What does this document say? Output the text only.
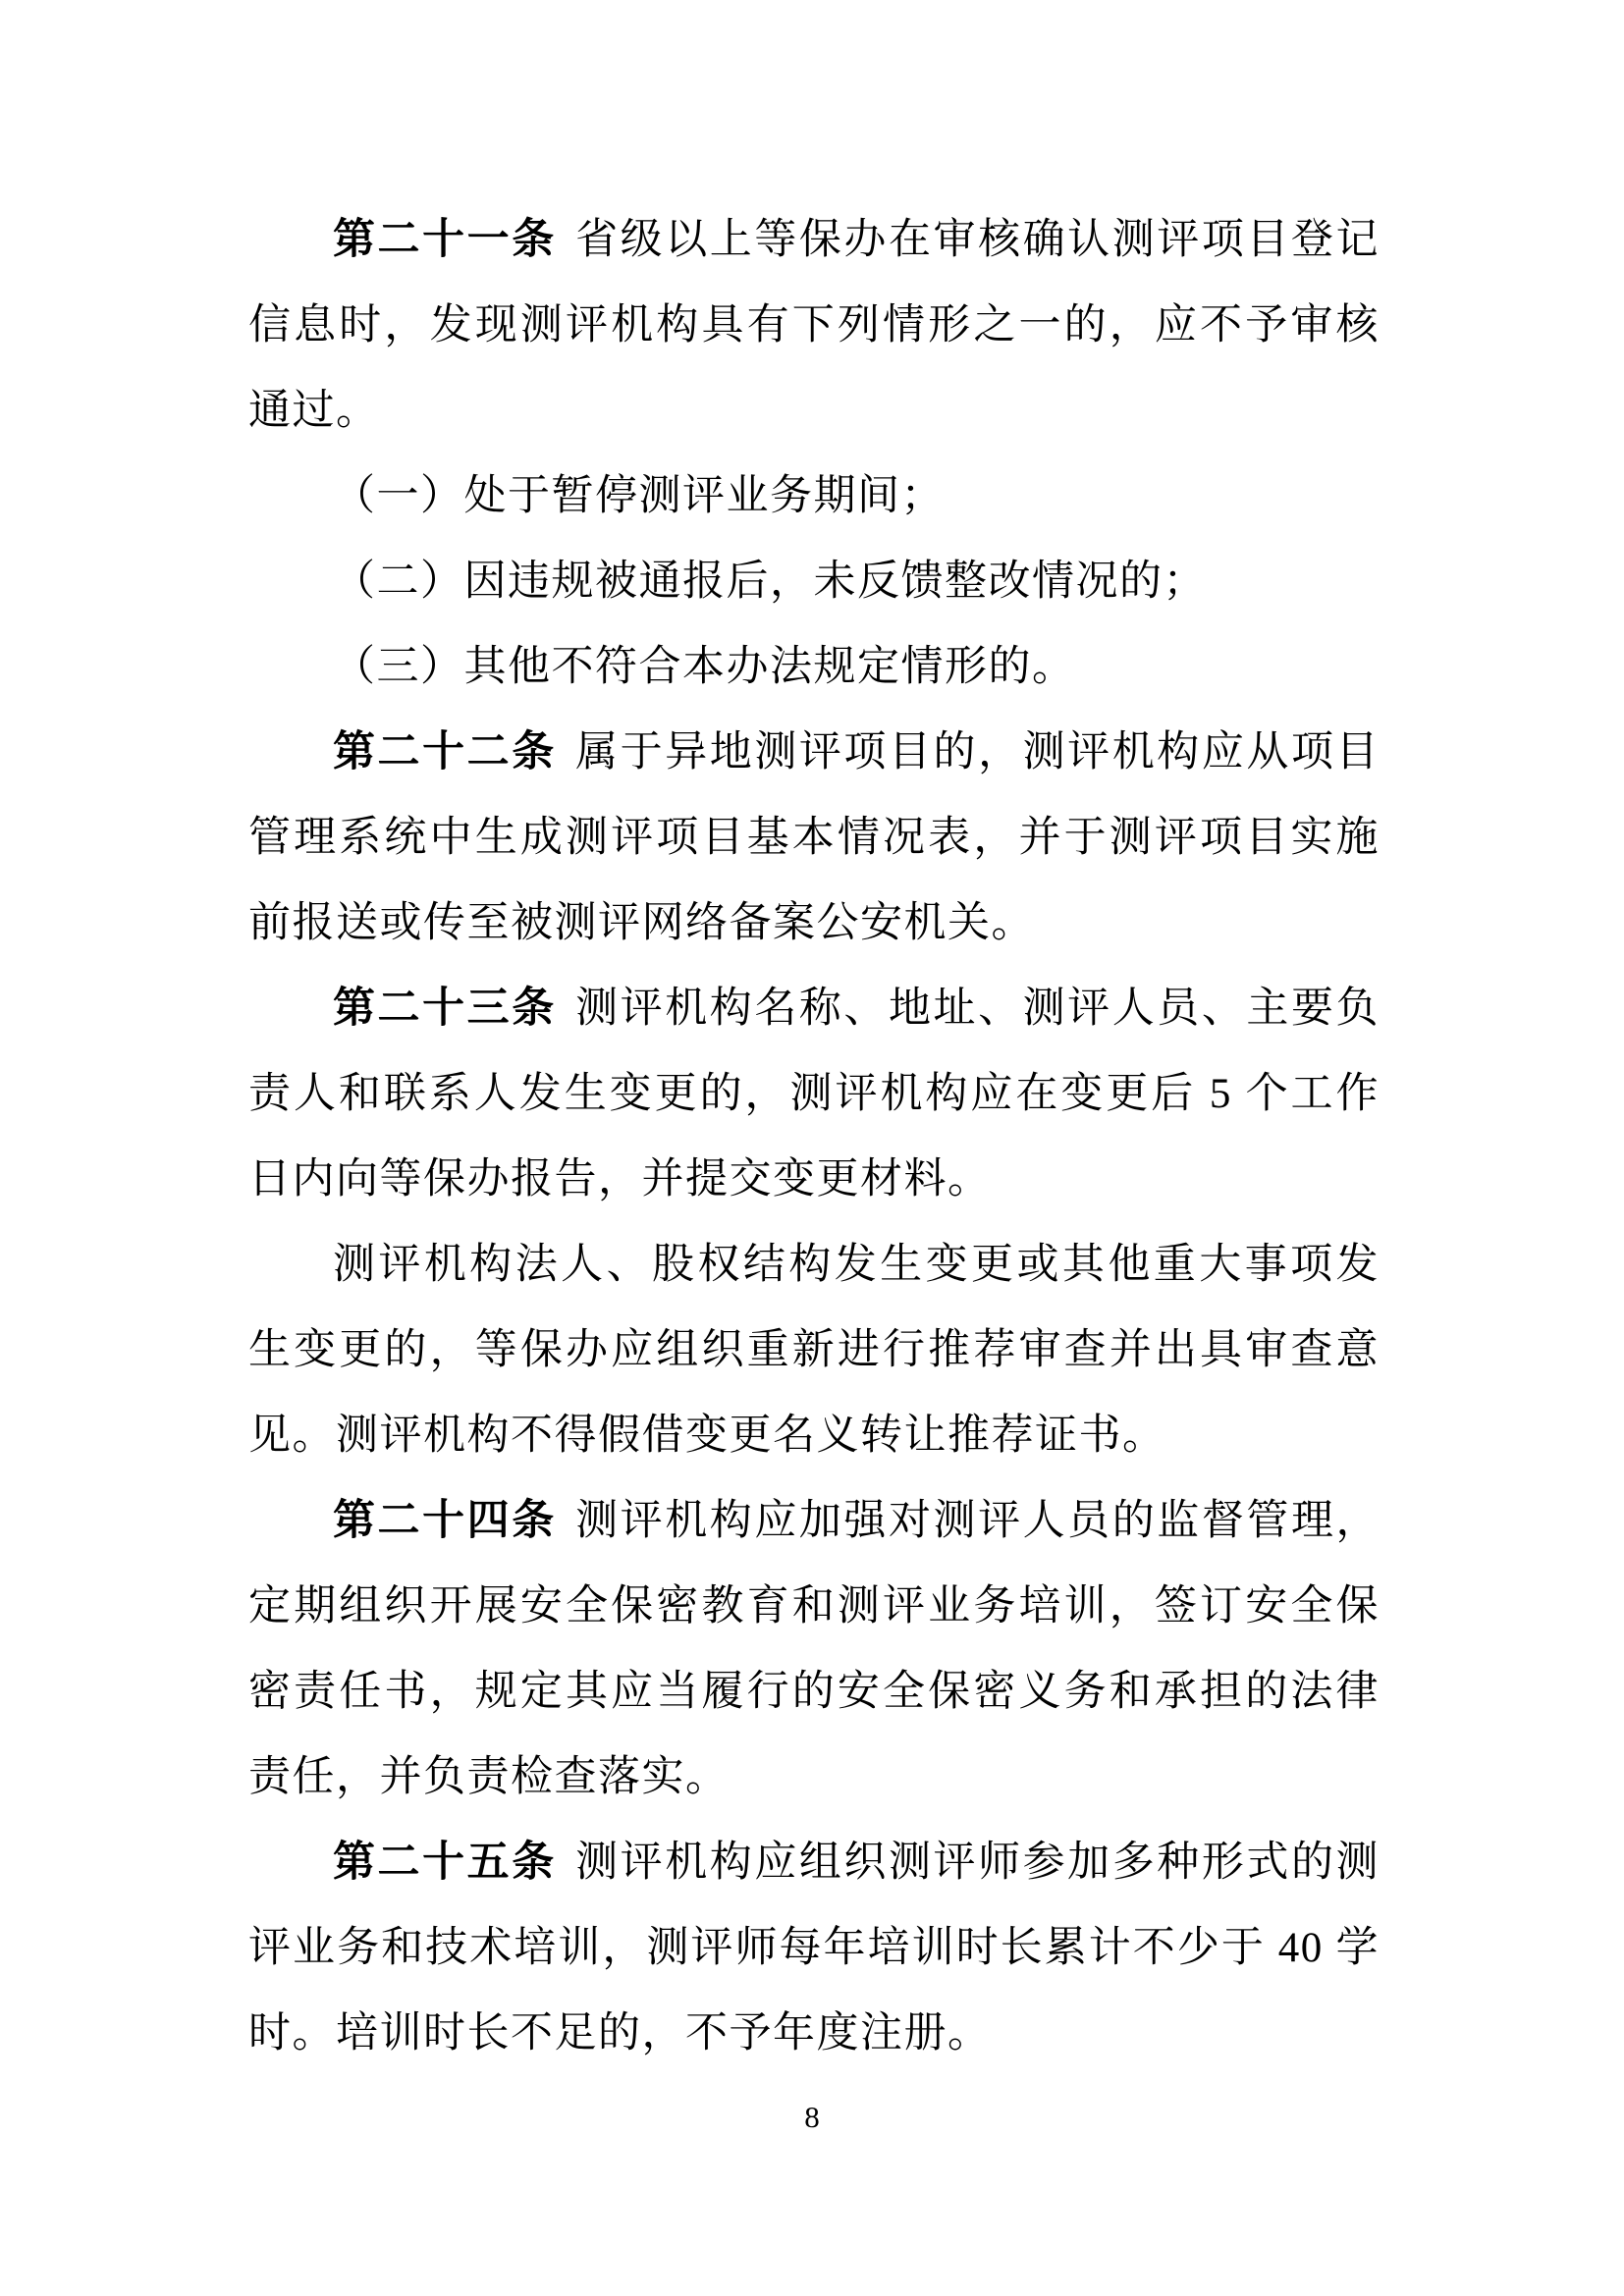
第二十一条 省级以上等保办在审核确认测评项目登记信息时，发现测评机构具有下列情形之一的，应不予审核通过。

（一）处于暂停测评业务期间；

（二）因违规被通报后，未反馈整改情况的；

（三）其他不符合本办法规定情形的。

第二十二条 属于异地测评项目的，测评机构应从项目管理系统中生成测评项目基本情况表，并于测评项目实施前报送或传至被测评网络备案公安机关。

第二十三条 测评机构名称、地址、测评人员、主要负责人和联系人发生变更的，测评机构应在变更后 5 个工作日内向等保办报告，并提交变更材料。

测评机构法人、股权结构发生变更或其他重大事项发生变更的，等保办应组织重新进行推荐审查并出具审查意见。测评机构不得假借变更名义转让推荐证书。

第二十四条 测评机构应加强对测评人员的监督管理，定期组织开展安全保密教育和测评业务培训，签订安全保密责任书，规定其应当履行的安全保密义务和承担的法律责任，并负责检查落实。

第二十五条 测评机构应组织测评师参加多种形式的测评业务和技术培训，测评师每年培训时长累计不少于 40 学时。培训时长不足的，不予年度注册。

8
